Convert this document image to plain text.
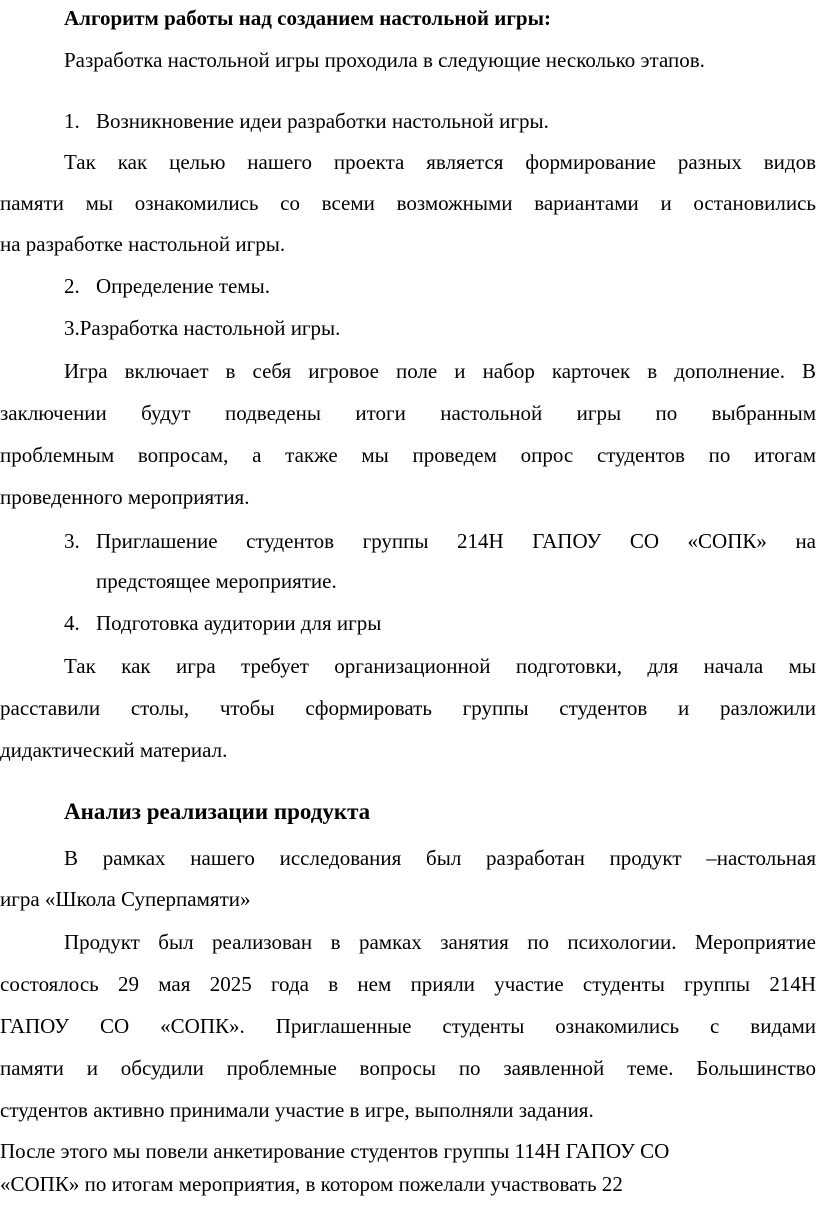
Алгоритм работы над созданием настольной игры:
Разработка настольной игры проходила в следующие несколько этапов.
1. Возникновение идеи разработки настольной игры.
Так как целью нашего проекта является формирование разных видов
памяти мы ознакомились со всеми возможными вариантами и остановились
на разработке настольной игры.
2. Определение темы.
3.Разработка настольной игры.
Игра включает в себя игровое поле и набор карточек в дополнение. В
заключении будут подведены итоги настольной игры по выбранным
проблемным вопросам, а также мы проведем опрос студентов по итогам
проведенного мероприятия.
3. Приглашение студентов группы 214Н ГАПОУ СО «СОПК» на
предстоящее мероприятие.
4. Подготовка аудитории для игры
Так как игра требует организационной подготовки, для начала мы
расставили столы, чтобы сформировать группы студентов и разложили
дидактический материал.
Анализ реализации продукта
В рамках нашего исследования был разработан продукт –настольная
игра «Школа Суперпамяти»
Продукт был реализован в рамках занятия по психологии. Мероприятие
состоялось 29 мая 2025 года в нем прияли участие студенты группы 214Н
ГАПОУ СО «СОПК». Приглашенные студенты ознакомились с видами
памяти и обсудили проблемные вопросы по заявленной теме. Большинство
студентов активно принимали участие в игре, выполняли задания.
После этого мы повели анкетирование студентов группы 114Н ГАПОУ СО
«СОПК» по итогам мероприятия, в котором пожелали участвовать 22
